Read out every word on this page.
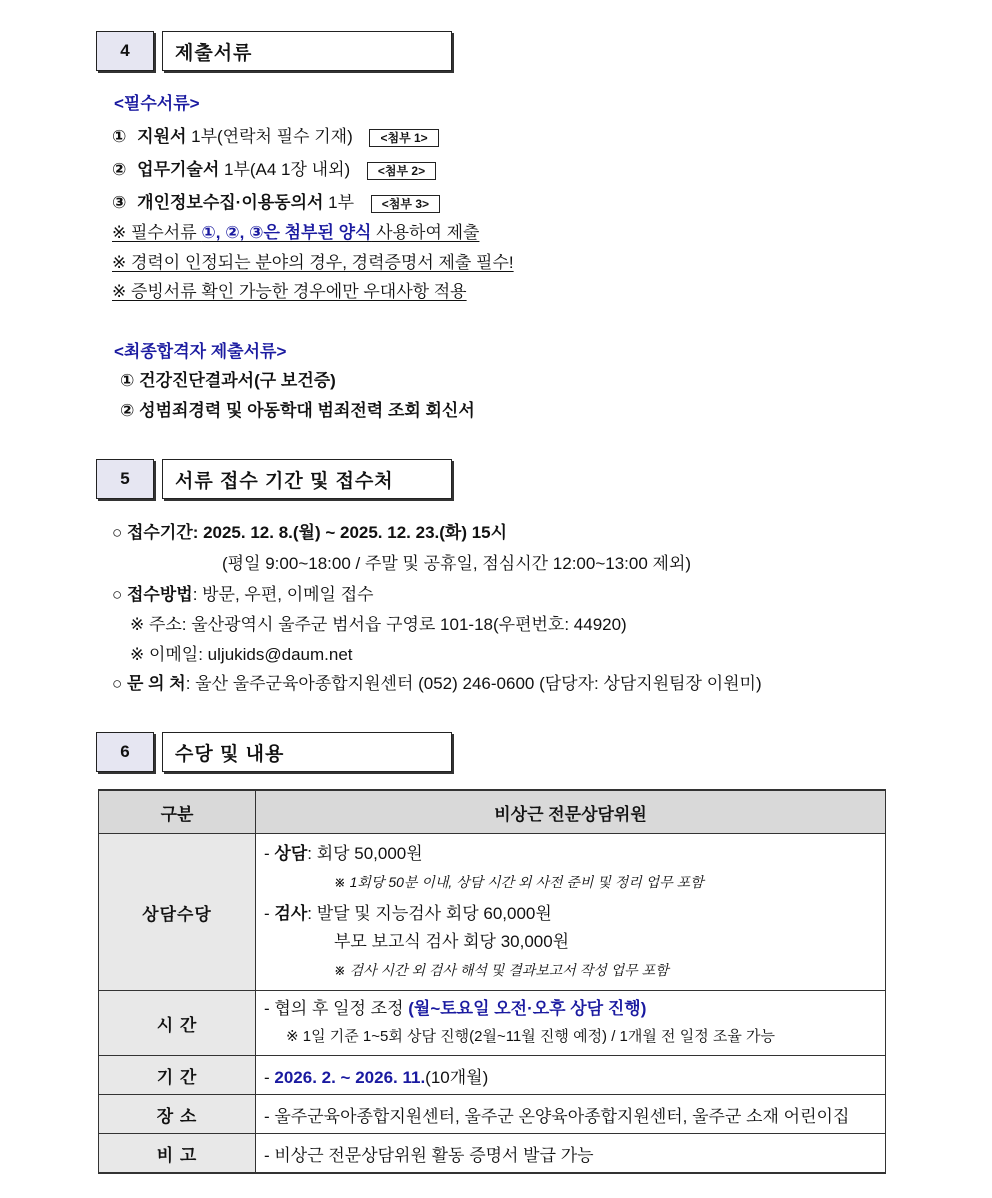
4	제출서류
<필수서류>
① 지원서 1부(연락처 필수 기재) <첨부 1>
② 업무기술서 1부(A4 1장 내외) <첨부 2>
③ 개인정보수집·이용동의서 1부 <첨부 3>
※ 필수서류 ①, ②, ③은 첨부된 양식 사용하여 제출
※ 경력이 인정되는 분야의 경우, 경력증명서 제출 필수!
※ 증빙서류 확인 가능한 경우에만 우대사항 적용
<최종합격자 제출서류>
① 건강진단결과서(구 보건증)
② 성범죄경력 및 아동학대 범죄전력 조회 회신서
5	서류 접수 기간 및 접수처
○ 접수기간: 2025. 12. 8.(월) ~ 2025. 12. 23.(화) 15시
(평일 9:00~18:00 / 주말 및 공휴일, 점심시간 12:00~13:00 제외)
○ 접수방법: 방문, 우편, 이메일 접수
※ 주소: 울산광역시 울주군 범서읍 구영로 101-18(우편번호: 44920)
※ 이메일: uljukids@daum.net
○ 문 의 처: 울산 울주군육아종합지원센터 (052) 246-0600 (담당자: 상담지원팀장 이원미)
6	수당 및 내용
구분	비상근 전문상담위원
상담수당	- 상담: 회당 50,000원
※ 1회당 50분 이내, 상담 시간 외 사전 준비 및 정리 업무 포함
- 검사: 발달 및 지능검사 회당 60,000원
부모 보고식 검사 회당 30,000원
※ 검사 시간 외 검사 해석 및 결과보고서 작성 업무 포함

시 간	- 협의 후 일정 조정 (월~토요일 오전·오후 상담 진행)
※ 1일 기준 1~5회 상담 진행(2월~11월 진행 예정) / 1개월 전 일정 조율 가능

기 간	- 2026. 2. ~ 2026. 11.(10개월)
장 소	- 울주군육아종합지원센터, 울주군 온양육아종합지원센터, 울주군 소재 어린이집
비 고	- 비상근 전문상담위원 활동 증명서 발급 가능
